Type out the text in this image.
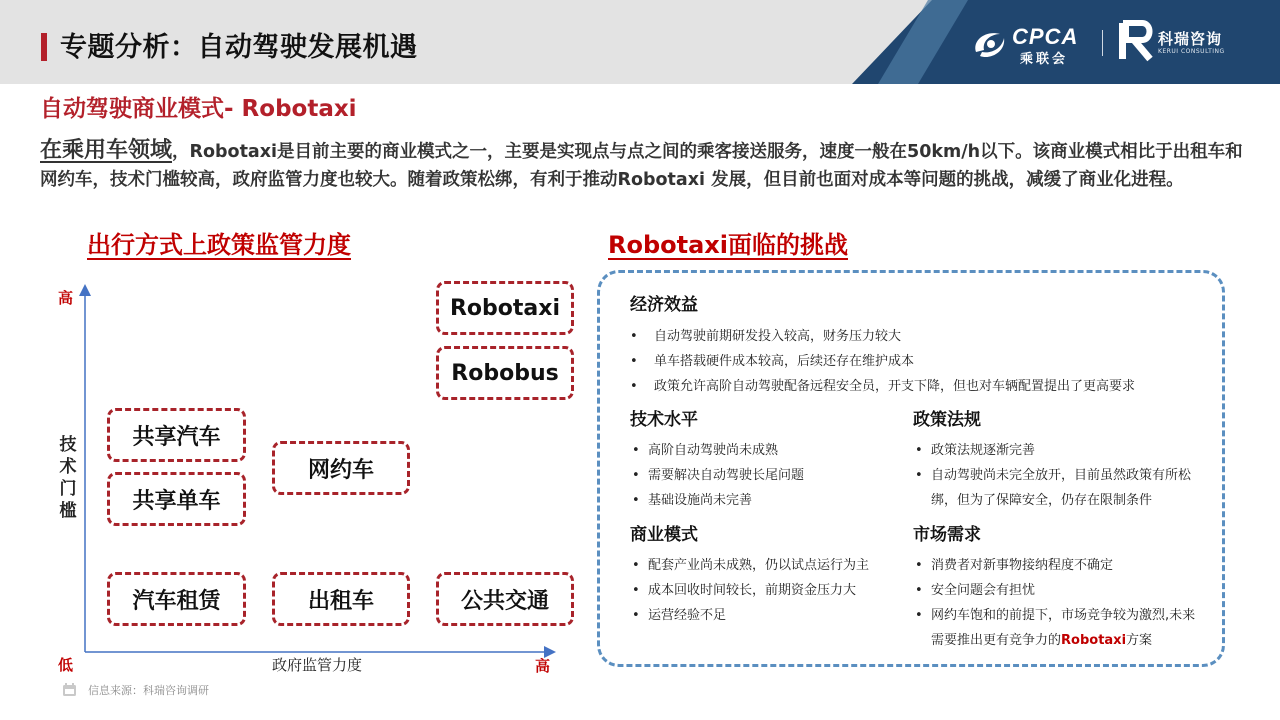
专题分析：自动驾驶发展机遇	CPCA
乘联会
科瑞咨询
KERUI CONSULTING
自动驾驶商业模式- Robotaxi
在乘用车领域，Robotaxi是目前主要的商业模式之一，主要是实现点与点之间的乘客接送服务，速度一般在50km/h以下。该商业模式相比于出租车和网约车，技术门槛较高，政府监管力度也较大。随着政策松绑，有利于推动Robotaxi 发展，但目前也面对成本等问题的挑战，减缓了商业化进程。
出行方式上政策监管力度	Robotaxi面临的挑战
高
低	高
技术门槛
政府监管力度
Robotaxi
Robobus
共享汽车
共享单车
网约车
汽车租赁	出租车	公共交通
经济效益
• 自动驾驶前期研发投入较高，财务压力较大
• 单车搭载硬件成本较高，后续还存在维护成本
• 政策允许高阶自动驾驶配备远程安全员，开支下降，但也对车辆配置提出了更高要求
技术水平
• 高阶自动驾驶尚未成熟
• 需要解决自动驾驶长尾问题
• 基础设施尚未完善
政策法规
• 政策法规逐渐完善
• 自动驾驶尚未完全放开，目前虽然政策有所松绑，但为了保障安全，仍存在限制条件
商业模式
• 配套产业尚未成熟，仍以试点运行为主
• 成本回收时间较长，前期资金压力大
• 运营经验不足
市场需求
• 消费者对新事物接纳程度不确定
• 安全问题会有担忧
• 网约车饱和的前提下，市场竞争较为激烈,未来需要推出更有竞争力的Robotaxi方案
信息来源：科瑞咨询调研
